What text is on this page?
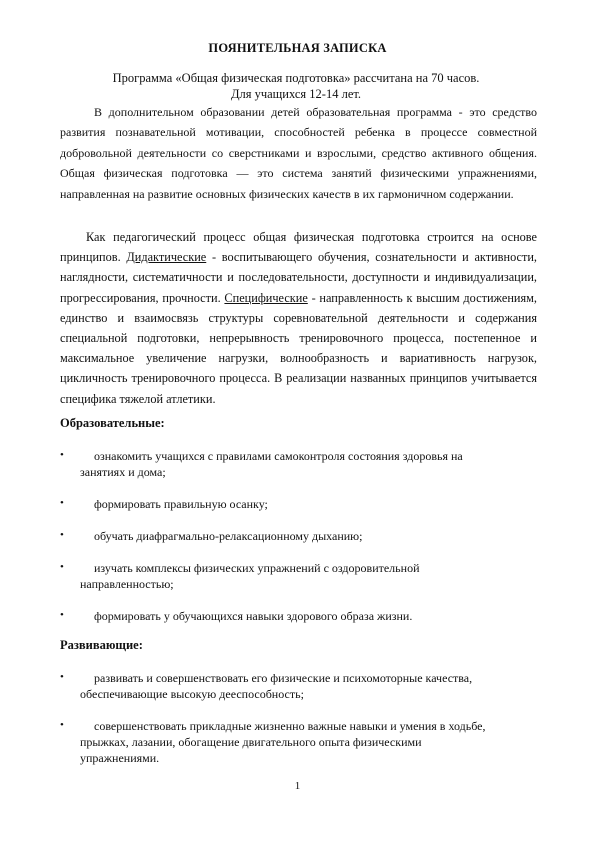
ПОЯНИТЕЛЬНАЯ ЗАПИСКА
Программа «Общая физическая подготовка» рассчитана на 70 часов.
Для учащихся 12-14 лет.
В дополнительном образовании детей образовательная программа - это средство развития познавательной мотивации, способностей ребенка в процессе совместной добровольной деятельности со сверстниками и взрослыми, средство активного общения. Общая физическая подготовка — это система занятий физическими упражнениями, направленная на развитие основных физических качеств в их гармоничном содержании.
Как педагогический процесс общая физическая подготовка строится на основе принципов. Дидактические - воспитывающего обучения, сознательности и активности, наглядности, систематичности и последовательности, доступности и индивидуализации, прогрессирования, прочности. Специфические - направленность к высшим достижениям, единство и взаимосвязь структуры соревновательной деятельности и содержания специальной подготовки, непрерывность тренировочного процесса, постепенное и максимальное увеличение нагрузки, волнообразность и вариативность нагрузок, цикличность тренировочного процесса. В реализации названных принципов учитывается специфика тяжелой атлетики.
Образовательные:
•	ознакомить учащихся с правилами самоконтроля состояния здоровья на
занятиях и дома;
•	формировать правильную осанку;
•	обучать диафрагмально-релаксационному дыханию;
•	изучать комплексы физических упражнений с оздоровительной
направленностью;
•	формировать у обучающихся навыки здорового образа жизни.
Развивающие:
•	развивать и совершенствовать его физические и психомоторные качества,
обеспечивающие высокую дееспособность;
•	совершенствовать прикладные жизненно важные навыки и умения в ходьбе,
прыжках, лазании, обогащение двигательного опыта физическими
упражнениями.
1
